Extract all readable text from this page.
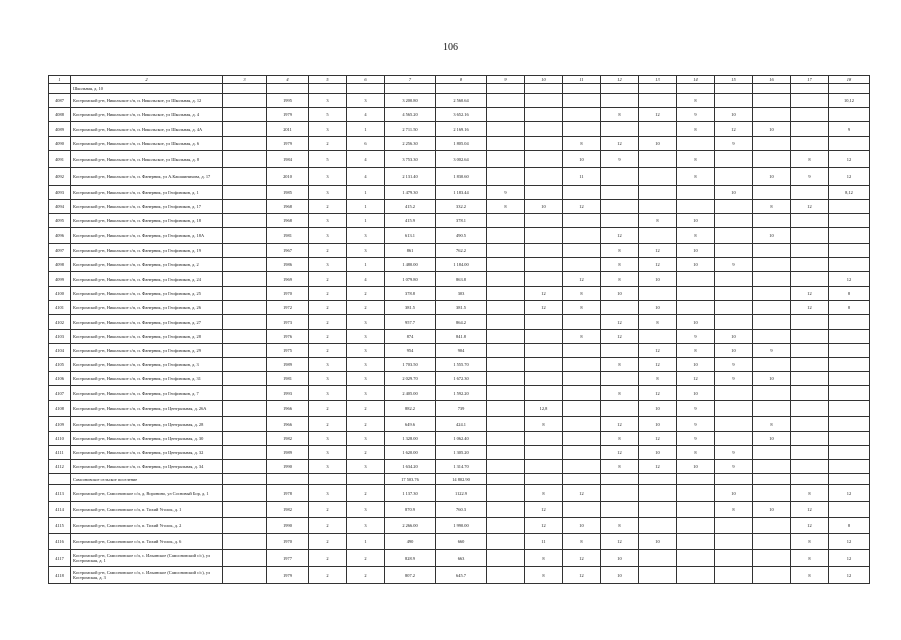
106
1	2	3	4	5	6	7	8	9	10	11	12	13	14	15	16	17	18
	Школьная, д. 10																
4087	Костромской р-н, Никольское с/п, п. Никольское, ул Школьная, д. 12		1995	3	3	3 200.80	2 560.64						8				10,12
4088	Костромской р-н, Никольское с/п, п. Никольское, ул Школьная, д. 4		1979	5	4	4 565.20	3 652.16				8	12	9	10			
4089	Костромской р-н, Никольское с/п, п. Никольское, ул Школьная, д. 4А		2011	3	1	2 711.50	2 169.16						8	12	10		9
4090	Костромской р-н, Никольское с/п, п. Никольское, ул Школьная, д. 6		1979	2	6	2 256.30	1 805.04			8	12	10		9			
4091	Костромской р-н, Никольское с/п, п. Никольское, ул Школьная, д. 8		1984	5	4	3 753.30	3 002.64			10	9		8			8	12
4092	Костромской р-н, Никольское с/п, п. Фанерник, ул А.Кашшинихова, д. 17		2010	3	4	2 131.40	1 830.60			11			8		10	9	12
4093	Костромской р-н, Никольское с/п, п. Фанерник, ул Геофизиков, д. 1		1985	3	1	1 479.30	1 183.44	9						10			8,12
4094	Костромской р-н, Никольское с/п, п. Фанерник, ул Геофизиков, д. 17		1968	2	1	415.2	332.2	8	10	12					8	12	
4095	Костромской р-н, Никольское с/п, п. Фанерник, ул Геофизиков, д. 18		1968	3	1	415.9	378.1					8	10				
4096	Костромской р-н, Никольское с/п, п. Фанерник, ул Геофизиков, д. 18А		1981	3	3	613.1	490.5				12		8		10		
4097	Костромской р-н, Никольское с/п, п. Фанерник, ул Геофизиков, д. 19		1967	2	3	861	762.2				8	12	10				
4098	Костромской р-н, Никольское с/п, п. Фанерник, ул Геофизиков, д. 2		1986	3	1	1 480.00	1 184.00				8	12	10	9			
4099	Костромской р-н, Никольское с/п, п. Фанерник, ул Геофизиков, д. 24		1969	2	4	1 079.80	863.8			12	8	10					12
4100	Костромской р-н, Никольское с/п, п. Фанерник, ул Геофизиков, д. 25		1970	2	2	378.8	303		12	8	10					12	8
4101	Костромской р-н, Никольское с/п, п. Фанерник, ул Геофизиков, д. 26		1972	2	2	381.5	381.5		12	8		10				12	8
4102	Костромской р-н, Никольское с/п, п. Фанерник, ул Геофизиков, д. 27		1973	2	3	957.7	864.2				12	8	10				
4103	Костромской р-н, Никольское с/п, п. Фанерник, ул Геофизиков, д. 28		1976	2	3	874	841.8			8	12		9	10			
4104	Костромской р-н, Никольское с/п, п. Фанерник, ул Геофизиков, д. 29		1975	2	3	954	904					12	8	10	9		
4105	Костромской р-н, Никольское с/п, п. Фанерник, ул Геофизиков, д. 3		1989	3	3	1 703.50	1 555.70				8	12	10	9			
4106	Костромской р-н, Никольское с/п, п. Фанерник, ул Геофизиков, д. 31		1981	3	3	2 029.70	1 672.30					8	12	9	10		
4107	Костромской р-н, Никольское с/п, п. Фанерник, ул Геофизиков, д. 7		1993	3	3	2 405.00	1 592.20				8	12	10				
4108	Костромской р-н, Никольское с/п, п. Фанерник, ул Центральная, д. 26А		1966	2	2	882.2	739		12,8			10	9				
4109	Костромской р-н, Никольское с/п, п. Фанерник, ул Центральная, д. 28		1966	2	2	649.6	424.1		8		12	10	9		8		
4110	Костромской р-н, Никольское с/п, п. Фанерник, ул Центральная, д. 30		1982	3	3	1 328.00	1 062.40				8	12	9		10		
4111	Костромской р-н, Никольское с/п, п. Фанерник, ул Центральная, д. 32		1989	3	2	1 620.00	1 305.20				12	10	8	9			
4112	Костромской р-н, Никольское с/п, п. Фанерник, ул Центральная, д. 34		1990	3	3	1 634.20	1 314.70				8	12	10	9			
	Самсоновское сельское поселение					17 503.76	14 802.90										
4113	Костромской р-н, Самсоновское с/п, д. Воронино, ул Сосновый Бор, д. 1		1978	3	2	1 137.30	1122.9		8	12				10		8	12
4114	Костромской р-н, Самсоновское с/п, п. Тихий Уголок, д. 1		1982	2	3	870.9	760.3		12					8	10	12	
4115	Костромской р-н, Самсоновское с/п, п. Тихий Уголок, д. 2		1990	2	3	2 266.00	1 990.00		12	10	8					12	8
4116	Костромской р-н, Самсоновское с/п, п. Тихий Уголок, д. 6		1970	2	1	490	660		11	8	12	10				8	12
4117	Костромской р-н, Самсоновское с/п, с. Ильинское (Самсоновский с/с), ул Костромская, д. 1		1977	2	2	828.9	663		8	12	10					8	12
4118	Костромской р-н, Самсоновское с/п, с. Ильинское (Самсоновский с/с), ул Костромская, д. 3		1979	2	2	807.2	645.7		8	12	10					8	12
